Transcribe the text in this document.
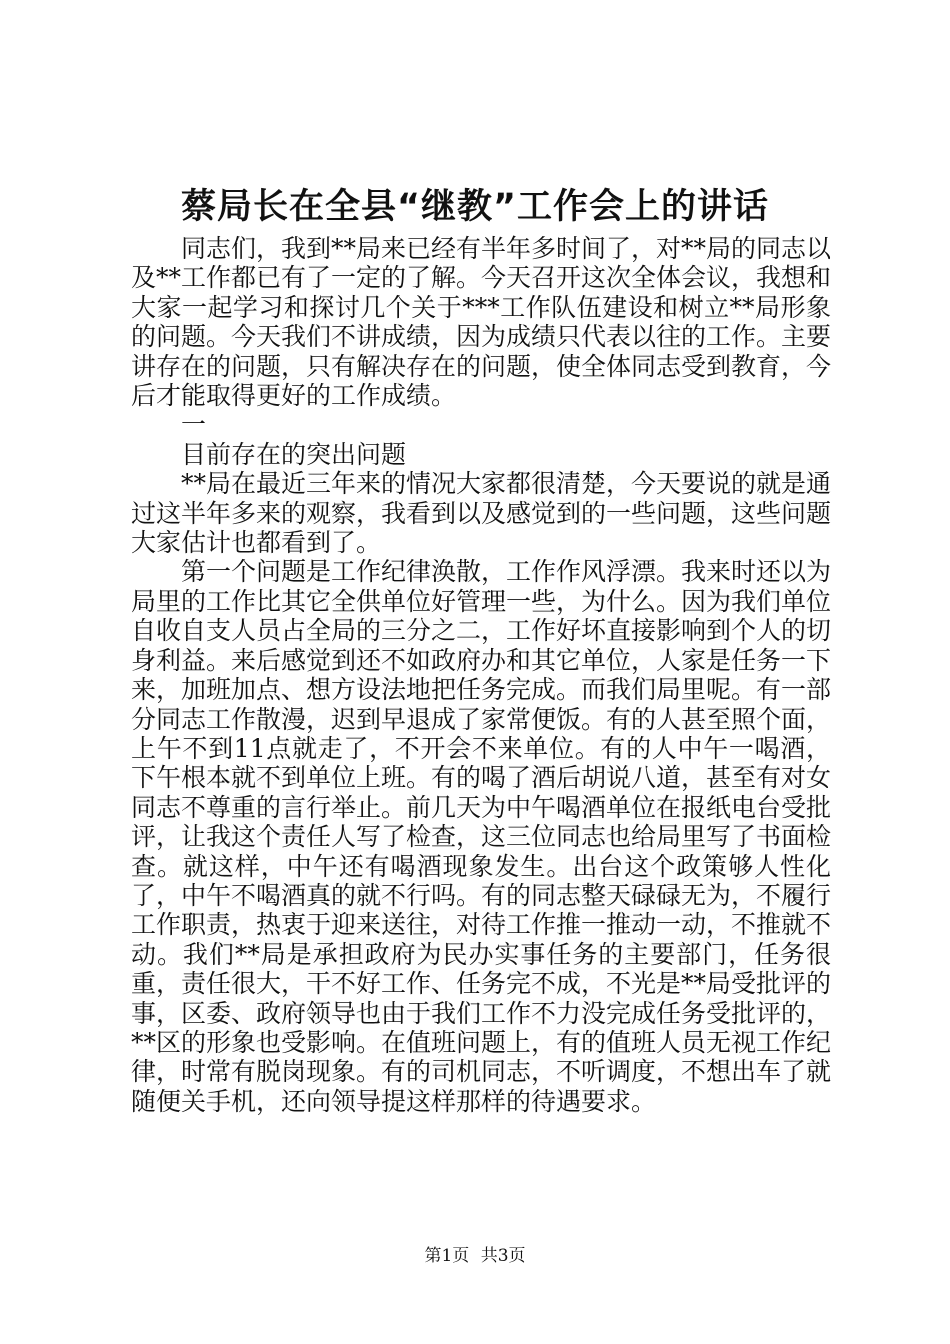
蔡局长在全县“继教”工作会上的讲话

同志们，我到**局来已经有半年多时间了，对**局的同志以及**工作都已有了一定的了解。今天召开这次全体会议，我想和大家一起学习和探讨几个关于***工作队伍建设和树立**局形象的问题。今天我们不讲成绩，因为成绩只代表以往的工作。主要讲存在的问题，只有解决存在的问题，使全体同志受到教育，今后才能取得更好的工作成绩。

一

目前存在的突出问题

**局在最近三年来的情况大家都很清楚，今天要说的就是通过这半年多来的观察，我看到以及感觉到的一些问题，这些问题大家估计也都看到了。

第一个问题是工作纪律涣散，工作作风浮漂。我来时还以为局里的工作比其它全供单位好管理一些，为什么。因为我们单位自收自支人员占全局的三分之二，工作好坏直接影响到个人的切身利益。来后感觉到还不如政府办和其它单位，人家是任务一下来，加班加点、想方设法地把任务完成。而我们局里呢。有一部分同志工作散漫，迟到早退成了家常便饭。有的人甚至照个面，上午不到11点就走了，不开会不来单位。有的人中午一喝酒，下午根本就不到单位上班。有的喝了酒后胡说八道，甚至有对女同志不尊重的言行举止。前几天为中午喝酒单位在报纸电台受批评，让我这个责任人写了检查，这三位同志也给局里写了书面检查。就这样，中午还有喝酒现象发生。出台这个政策够人性化了，中午不喝酒真的就不行吗。有的同志整天碌碌无为，不履行工作职责，热衷于迎来送往，对待工作推一推动一动，不推就不动。我们**局是承担政府为民办实事任务的主要部门，任务很重，责任很大，干不好工作、任务完不成，不光是**局受批评的事，区委、政府领导也由于我们工作不力没完成任务受批评的，**区的形象也受影响。在值班问题上，有的值班人员无视工作纪律，时常有脱岗现象。有的司机同志，不听调度，不想出车了就随便关手机，还向领导提这样那样的待遇要求。

第1页 共3页
